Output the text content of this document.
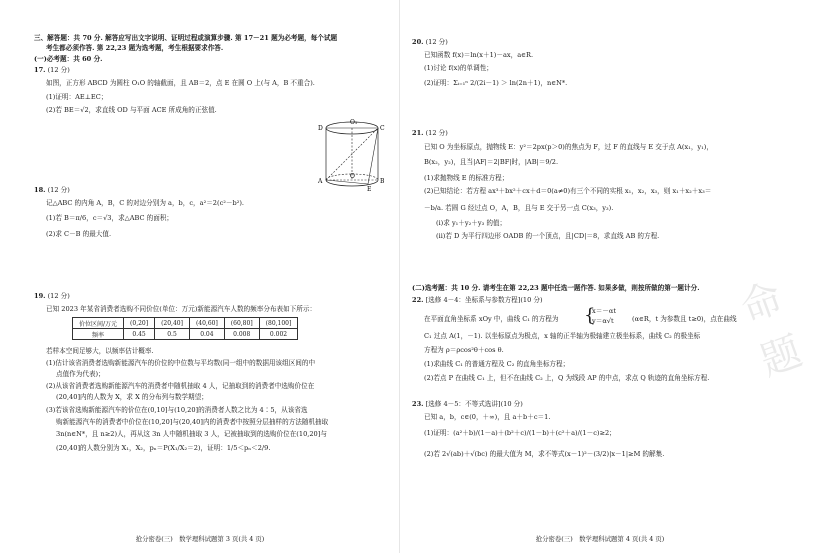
三、解答题：共 70 分. 解答应写出文字说明、证明过程或演算步骤. 第 17－21 题为必考题，每个试题
考生都必须作答. 第 22,23 题为选考题，考生根据要求作答.
(一)必考题：共 60 分.
17. (12 分)
如图，正方形 ABCD 为圆柱 O₁O 的轴截面，且 AB＝2，点 E 在圆 O 上(与 A，B 不重合).
(1)证明：AE⊥EC；
(2)若 BE＝√2，求直线 OD 与平面 ACE 所成角的正弦值.
D	C
O₁
A	B
O
E
18. (12 分)
记△ABC 的内角 A，B，C 的对边分别为 a，b，c，a²＝2(c²－b²).
(1)若 B＝π/6，c＝√3，求△ABC 的面积；
(2)求 C－B 的最大值.
19. (12 分)
已知 2023 年某省消费者选购不同价位(单位：万元)新能源汽车人数的频率分布表如下所示：
价位区间/万元	(0,20]	(20,40]	(40,60]	(60,80]	(80,100]
频率	0.45	0.5	0.04	0.008	0.002
若样本空间足够大，以频率估计概率.
(1)估计该省消费者选购新能源汽车的价位的中位数与平均数(同一组中的数据用该组区间的中
点值作为代表)；
(2)从该省消费者选购新能源汽车的消费者中随机抽取 4 人，记抽取到的消费者中选购价位在
(20,40]内的人数为 X，求 X 的分布列与数学期望；
(3)若该省选购新能源汽车的价位在(0,10]与(10,20]的消费者人数之比为 4∶5，从该省选
购新能源汽车的消费者中价位在(10,20]与(20,40]内的消费者中按照分层抽样的方法随机抽取
3n(n∈N*，且 n≥2)人，再从这 3n 人中随机抽取 3 人，记被抽取到的选购价位在(10,20]与
(20,40]的人数分别为 X₁，X₂，pₙ＝P(X₁/X₂＝2)，证明：1/5＜pₙ＜2/9.
抢分密卷(三)　数学理科试题第 3 页(共 4 页)
20. (12 分)
已知函数 f(x)＝ln(x＋1)－ax，a∈R.
(1)讨论 f(x)的单调性；
(2)证明：Σᵢ₌₁ⁿ 2/(2i－1) ＞ ln(2n＋1)，n∈N*.
21. (12 分)
已知 O 为坐标原点，抛物线 E：y²＝2px(p＞0)的焦点为 F，过 F 的直线与 E 交于点 A(x₁，y₁)，
B(x₂，y₂)，且当|AF|＝2|BF|时，|AB|＝9/2.
(1)求抛物线 E 的标准方程；
(2)已知结论：若方程 ax³＋bx²＋cx＋d＝0(a≠0)有三个不同的实根 x₁，x₂，x₃，则 x₁＋x₂＋x₃＝
－b/a. 若圆 G 经过点 O，A，B，且与 E 交于另一点 C(x₃，y₃).
(ⅰ)求 y₁＋y₂＋y₃ 的值；
(ⅱ)若 D 为平行四边形 OADB 的一个顶点，且|CD|＝8，求直线 AB 的方程.
命题
(二)选考题：共 10 分. 请考生在第 22,23 题中任选一题作答. 如果多做，则按所做的第一题计分.
22. [选修 4－4：坐标系与参数方程](10 分)
在平面直角坐标系 xOy 中，曲线 C₁ 的方程为 {
x＝－αt
y＝α√t	(α∈R，t 为参数且 t≥0)，点在曲线
C₁ 过点 A(1，－1). 以坐标原点为极点，x 轴的正半轴为极轴建立极坐标系，曲线 C₂ 的极坐标
方程为 ρ＝ρcos²θ＋cos θ.
(1)求曲线 C₁ 的普通方程及 C₂ 的直角坐标方程；
(2)若点 P 在曲线 C₁ 上，但不在曲线 C₂ 上，Q 为线段 AP 的中点，求点 Q 轨迹的直角坐标方程.
23. [选修 4－5：不等式选讲](10 分)
已知 a，b，c∈(0，＋∞)，且 a＋b＋c＝1.
(1)证明：(a²＋b)/(1－a)＋(b²＋c)/(1－b)＋(c²＋a)/(1－c)≥2；
(2)若 2√(ab)＋√(bc) 的最大值为 M，求不等式(x－1)²－(3/2)|x－1|≥M 的解集.
抢分密卷(三)　数学理科试题第 4 页(共 4 页)
